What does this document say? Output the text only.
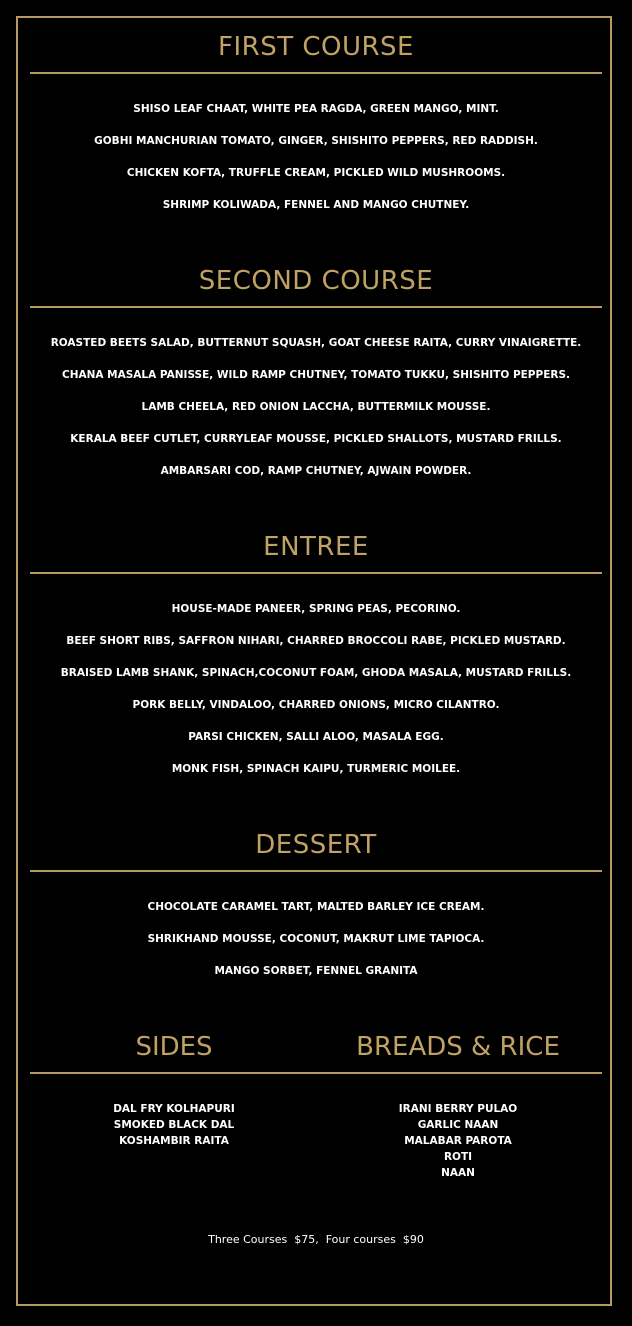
FIRST COURSE
SHISO LEAF CHAAT, WHITE PEA RAGDA, GREEN MANGO, MINT.
GOBHI MANCHURIAN TOMATO, GINGER, SHISHITO PEPPERS, RED RADDISH.
CHICKEN KOFTA, TRUFFLE CREAM, PICKLED WILD MUSHROOMS.
SHRIMP KOLIWADA, FENNEL AND MANGO CHUTNEY.
SECOND COURSE
ROASTED BEETS SALAD, BUTTERNUT SQUASH, GOAT CHEESE RAITA, CURRY VINAIGRETTE.
CHANA MASALA PANISSE, WILD RAMP CHUTNEY, TOMATO TUKKU, SHISHITO PEPPERS.
LAMB CHEELA, RED ONION LACCHA, BUTTERMILK MOUSSE.
KERALA BEEF CUTLET, CURRYLEAF MOUSSE, PICKLED SHALLOTS, MUSTARD FRILLS.
AMBARSARI COD, RAMP CHUTNEY, AJWAIN POWDER.
ENTREE
HOUSE-MADE PANEER, SPRING PEAS, PECORINO.
BEEF SHORT RIBS, SAFFRON NIHARI, CHARRED BROCCOLI RABE, PICKLED MUSTARD.
BRAISED LAMB SHANK, SPINACH,COCONUT FOAM, GHODA MASALA, MUSTARD FRILLS.
PORK BELLY, VINDALOO, CHARRED ONIONS, MICRO CILANTRO.
PARSI CHICKEN, SALLI ALOO, MASALA EGG.
MONK FISH, SPINACH KAIPU, TURMERIC MOILEE.
DESSERT
CHOCOLATE CARAMEL TART, MALTED BARLEY ICE CREAM.
SHRIKHAND MOUSSE, COCONUT, MAKRUT LIME TAPIOCA.
MANGO SORBET, FENNEL GRANITA
SIDES	BREADS & RICE
DAL FRY KOLHAPURI
SMOKED BLACK DAL
KOSHAMBIR RAITA
IRANI BERRY PULAO
GARLIC NAAN
MALABAR PAROTA
ROTI
NAAN
Three Courses  $75,  Four courses  $90
